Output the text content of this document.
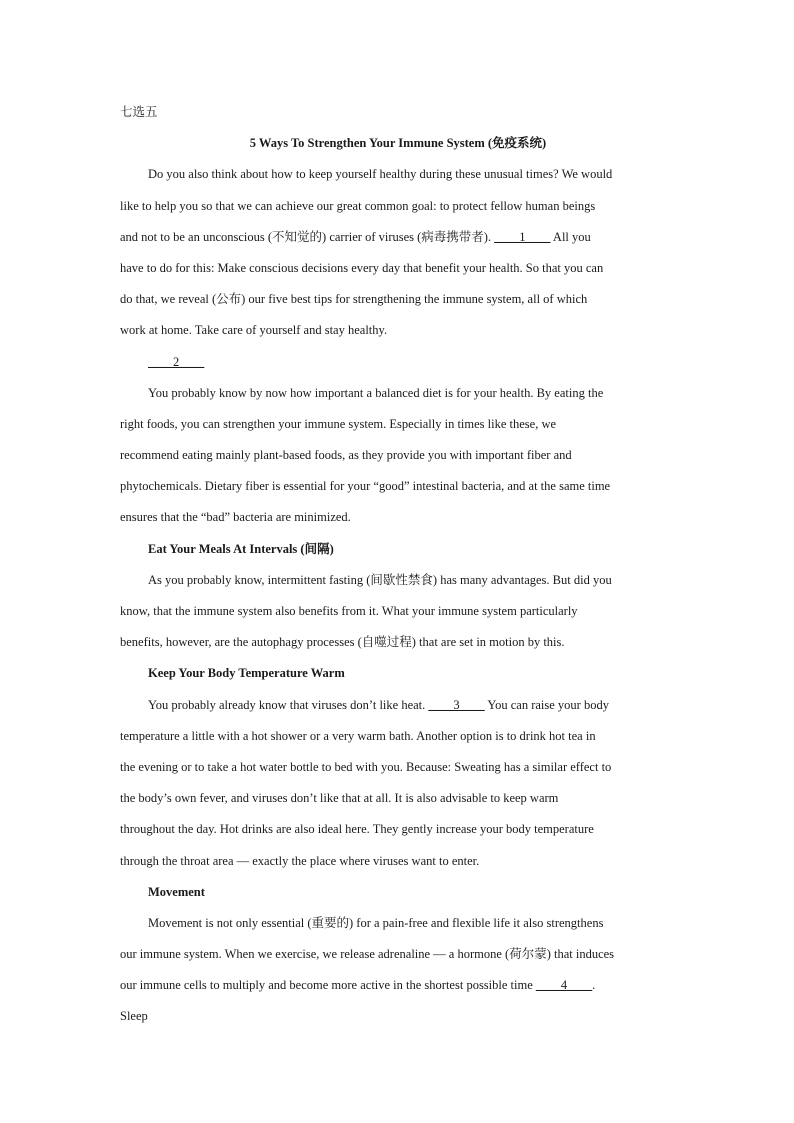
七选五
5 Ways To Strengthen Your Immune System (免疫系统)
Do you also think about how to keep yourself healthy during these unusual times? We would
like to help you so that we can achieve our great common goal: to protect fellow human beings
and not to be an unconscious (不知觉的) carrier of viruses (病毒携带者). ____1____ All you
have to do for this: Make conscious decisions every day that benefit your health. So that you can
do that, we reveal (公布) our five best tips for strengthening the immune system, all of which
work at home. Take care of yourself and stay healthy.
____2____
You probably know by now how important a balanced diet is for your health. By eating the
right foods, you can strengthen your immune system. Especially in times like these, we
recommend eating mainly plant-based foods, as they provide you with important fiber and
phytochemicals. Dietary fiber is essential for your “good” intestinal bacteria, and at the same time
ensures that the “bad” bacteria are minimized.
Eat Your Meals At Intervals (间隔)
As you probably know, intermittent fasting (间歇性禁食) has many advantages. But did you
know, that the immune system also benefits from it. What your immune system particularly
benefits, however, are the autophagy processes (自噬过程) that are set in motion by this.
Keep Your Body Temperature Warm
You probably already know that viruses don’t like heat. ____3____ You can raise your body
temperature a little with a hot shower or a very warm bath. Another option is to drink hot tea in
the evening or to take a hot water bottle to bed with you. Because: Sweating has a similar effect to
the body’s own fever, and viruses don’t like that at all. It is also advisable to keep warm
throughout the day. Hot drinks are also ideal here. They gently increase your body temperature
through the throat area — exactly the place where viruses want to enter.
Movement
Movement is not only essential (重要的) for a pain-free and flexible life it also strengthens
our immune system. When we exercise, we release adrenaline — a hormone (荷尔蒙) that induces
our immune cells to multiply and become more active in the shortest possible time ____4____.
Sleep
